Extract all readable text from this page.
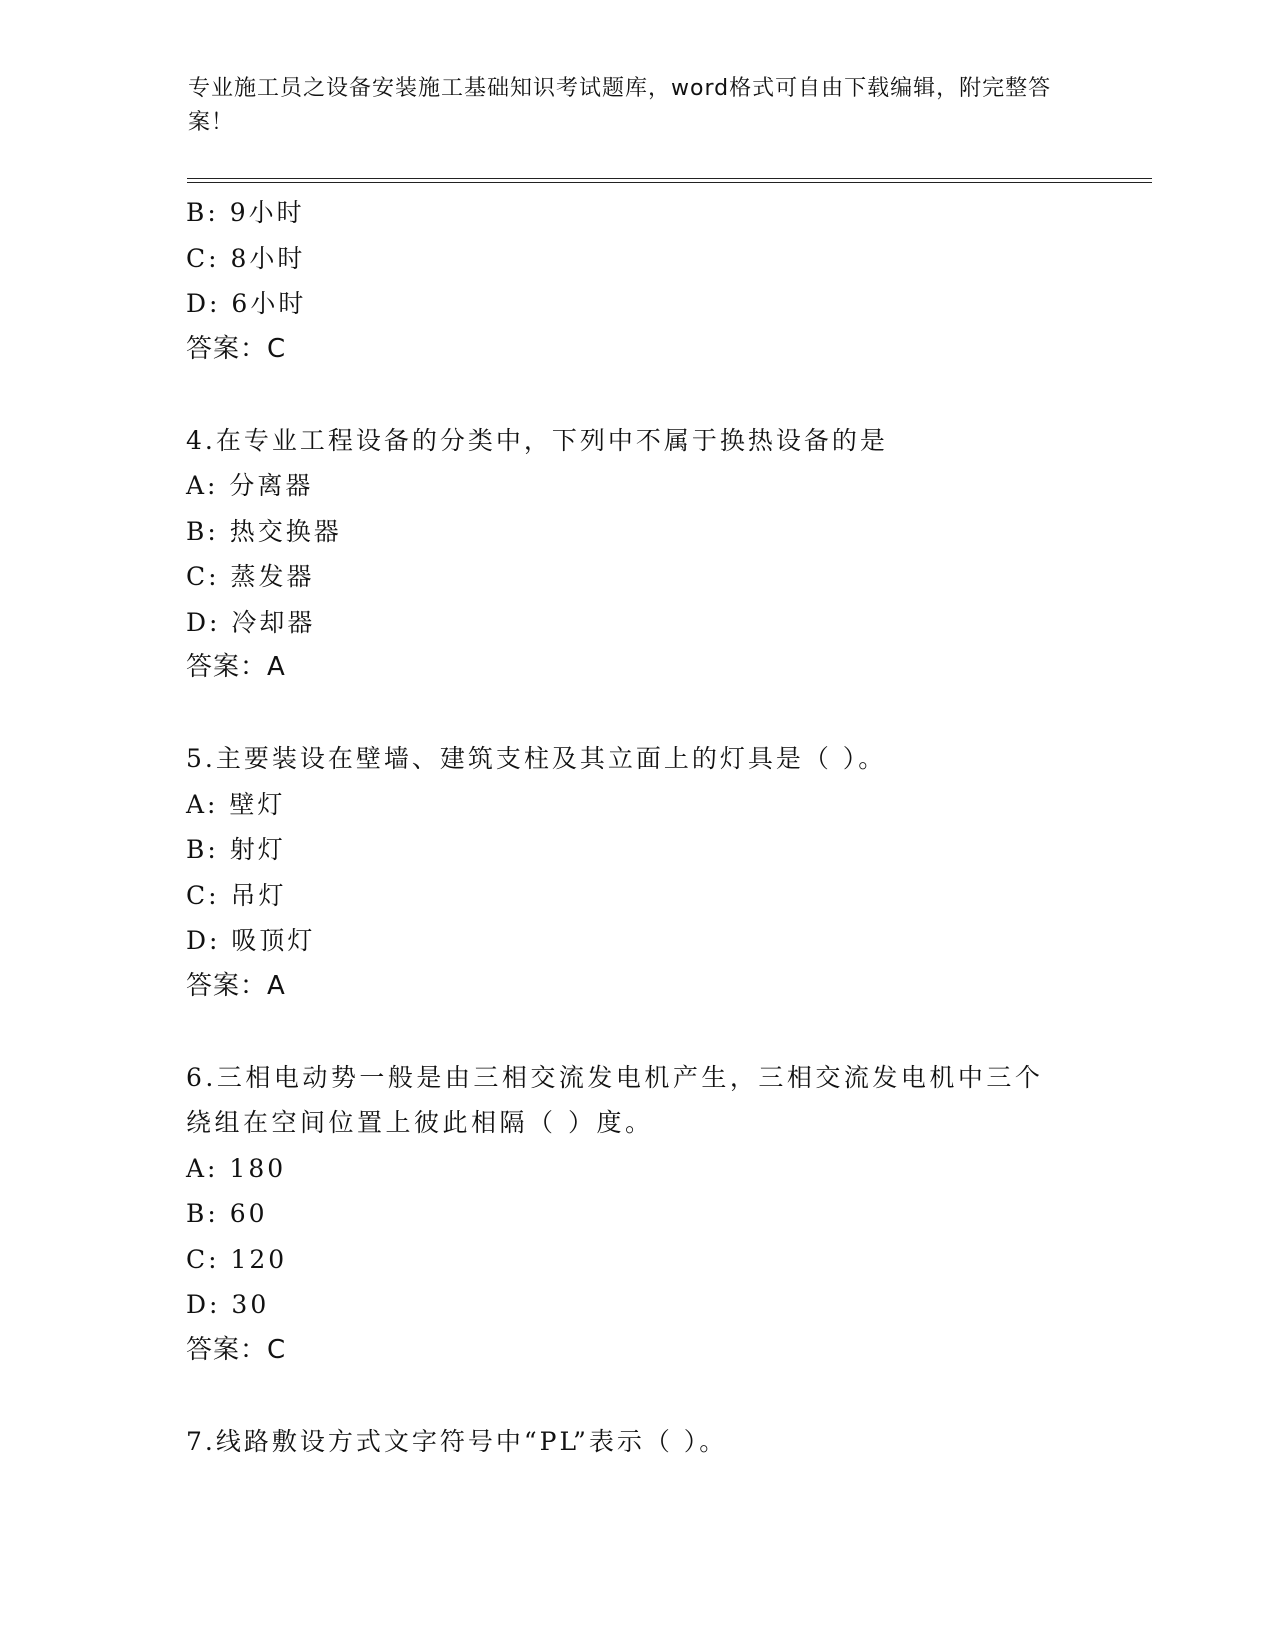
专业施工员之设备安装施工基础知识考试题库，word格式可自由下载编辑，附完整答案！
B: 9小时
C: 8小时
D: 6小时
答案：C
4.在专业工程设备的分类中，下列中不属于换热设备的是
A: 分离器
B: 热交换器
C: 蒸发器
D: 冷却器
答案：A
5.主要装设在壁墙、建筑支柱及其立面上的灯具是（ ）。
A: 壁灯
B: 射灯
C: 吊灯
D: 吸顶灯
答案：A
6.三相电动势一般是由三相交流发电机产生，三相交流发电机中三个绕组在空间位置上彼此相隔（ ）度。
A: 180
B: 60
C: 120
D: 30
答案：C
7.线路敷设方式文字符号中“PL”表示（ ）。
